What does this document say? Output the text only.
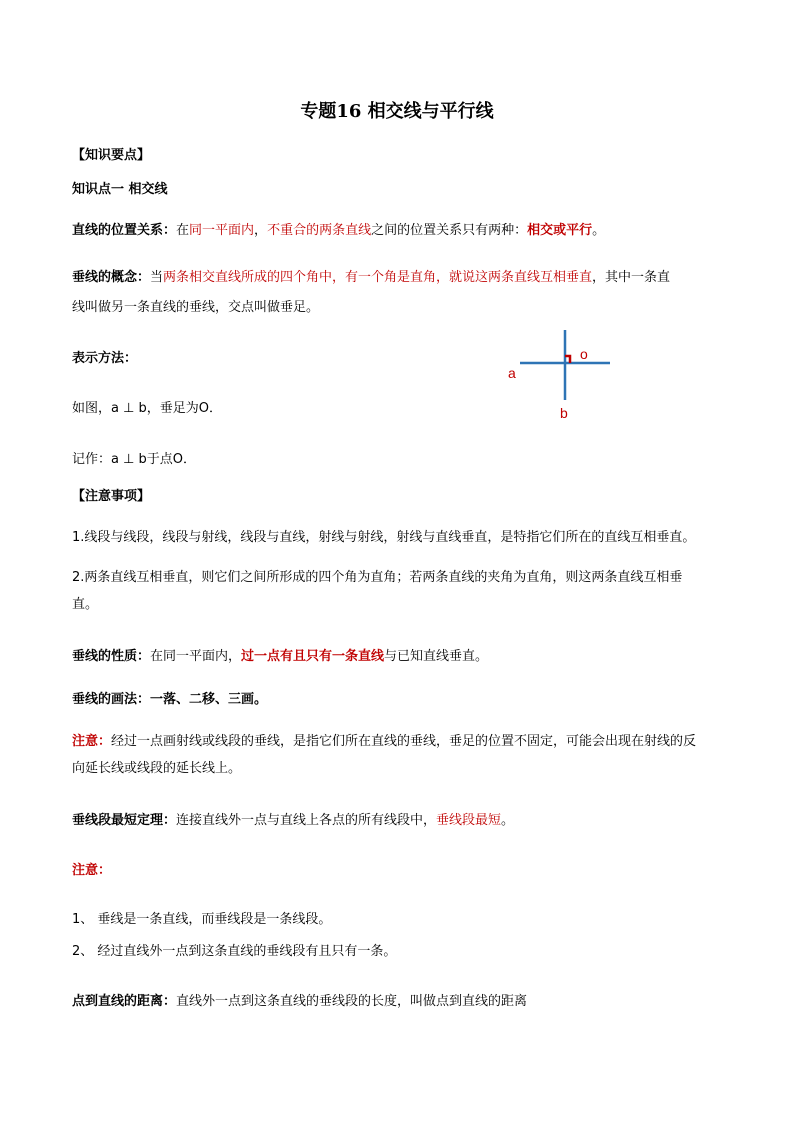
专题16 相交线与平行线
【知识要点】
知识点一 相交线
直线的位置关系：在同一平面内，不重合的两条直线之间的位置关系只有两种：相交或平行。
垂线的概念：当两条相交直线所成的四个角中，有一个角是直角，就说这两条直线互相垂直，其中一条直
线叫做另一条直线的垂线，交点叫做垂足。
表示方法：
a
b
o
如图，a ⊥ b，垂足为O．
记作：a ⊥ b于点O．
【注意事项】
1.线段与线段，线段与射线，线段与直线，射线与射线，射线与直线垂直，是特指它们所在的直线互相垂直。
2.两条直线互相垂直，则它们之间所形成的四个角为直角；若两条直线的夹角为直角，则这两条直线互相垂
直。
垂线的性质：在同一平面内，过一点有且只有一条直线与已知直线垂直。
垂线的画法：一落、二移、三画。
注意：经过一点画射线或线段的垂线，是指它们所在直线的垂线，垂足的位置不固定，可能会出现在射线的反
向延长线或线段的延长线上。
垂线段最短定理：连接直线外一点与直线上各点的所有线段中，垂线段最短。
注意：
1、 垂线是一条直线，而垂线段是一条线段。
2、 经过直线外一点到这条直线的垂线段有且只有一条。
点到直线的距离：直线外一点到这条直线的垂线段的长度，叫做点到直线的距离
